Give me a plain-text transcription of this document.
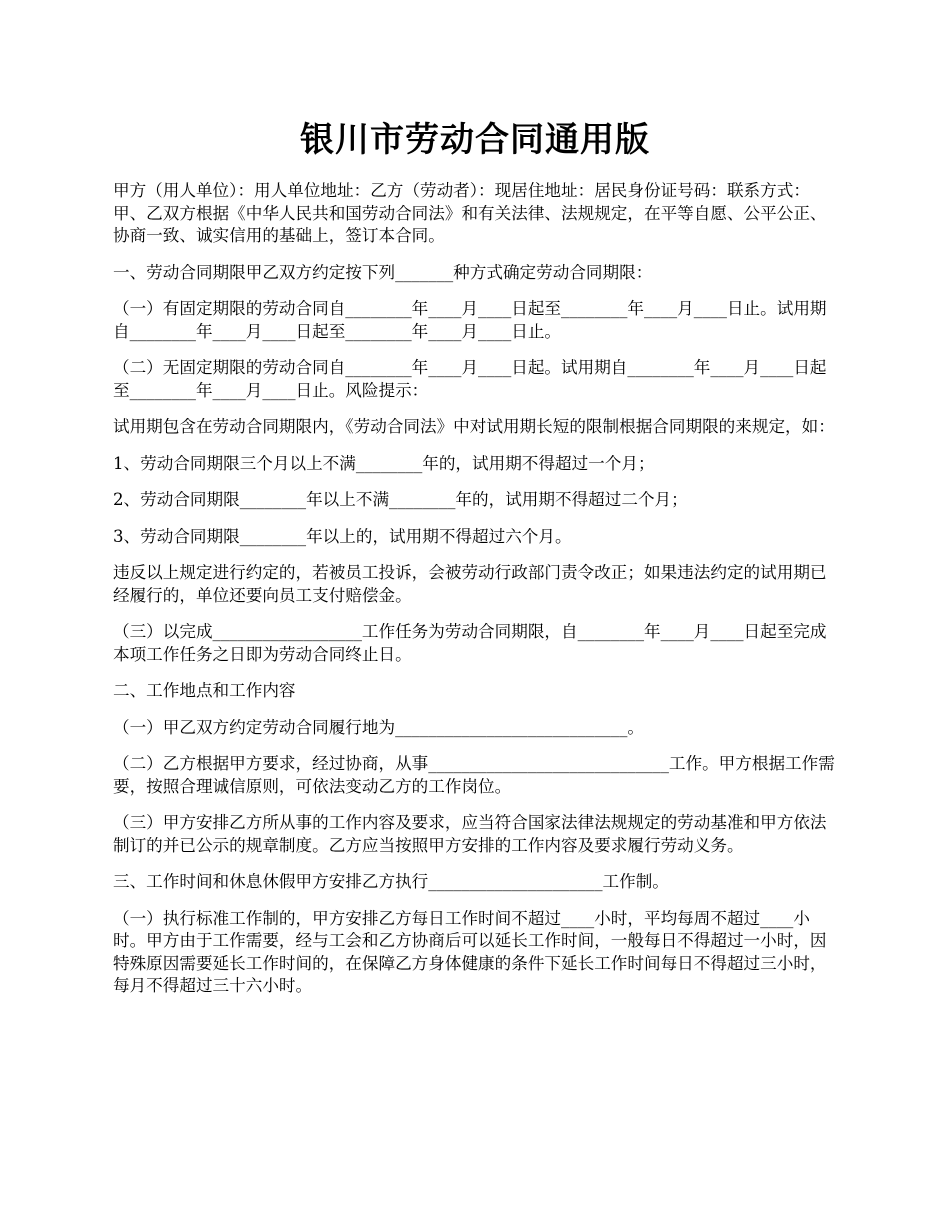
银川市劳动合同通用版

甲方（用人单位）：用人单位地址：乙方（劳动者）：现居住地址：居民身份证号码：联系方式：甲、乙双方根据《中华人民共和国劳动合同法》和有关法律、法规规定，在平等自愿、公平公正、协商一致、诚实信用的基础上，签订本合同。

一、劳动合同期限甲乙双方约定按下列_______种方式确定劳动合同期限：

（一）有固定期限的劳动合同自________年____月____日起至________年____月____日止。试用期自________年____月____日起至________年____月____日止。

（二）无固定期限的劳动合同自________年____月____日起。试用期自________年____月____日起至________年____月____日止。风险提示：

试用期包含在劳动合同期限内，《劳动合同法》中对试用期长短的限制根据合同期限的来规定，如：

1、劳动合同期限三个月以上不满________年的，试用期不得超过一个月；

2、劳动合同期限________年以上不满________年的，试用期不得超过二个月；

3、劳动合同期限________年以上的，试用期不得超过六个月。

违反以上规定进行约定的，若被员工投诉，会被劳动行政部门责令改正；如果违法约定的试用期已经履行的，单位还要向员工支付赔偿金。

（三）以完成__________________工作任务为劳动合同期限，自________年____月____日起至完成本项工作任务之日即为劳动合同终止日。

二、工作地点和工作内容

（一）甲乙双方约定劳动合同履行地为____________________________。

（二）乙方根据甲方要求，经过协商，从事_____________________________工作。甲方根据工作需要，按照合理诚信原则，可依法变动乙方的工作岗位。

（三）甲方安排乙方所从事的工作内容及要求，应当符合国家法律法规规定的劳动基准和甲方依法制订的并已公示的规章制度。乙方应当按照甲方安排的工作内容及要求履行劳动义务。

三、工作时间和休息休假甲方安排乙方执行_____________________工作制。

（一）执行标准工作制的，甲方安排乙方每日工作时间不超过____小时，平均每周不超过____小时。甲方由于工作需要，经与工会和乙方协商后可以延长工作时间，一般每日不得超过一小时，因特殊原因需要延长工作时间的，在保障乙方身体健康的条件下延长工作时间每日不得超过三小时，每月不得超过三十六小时。
